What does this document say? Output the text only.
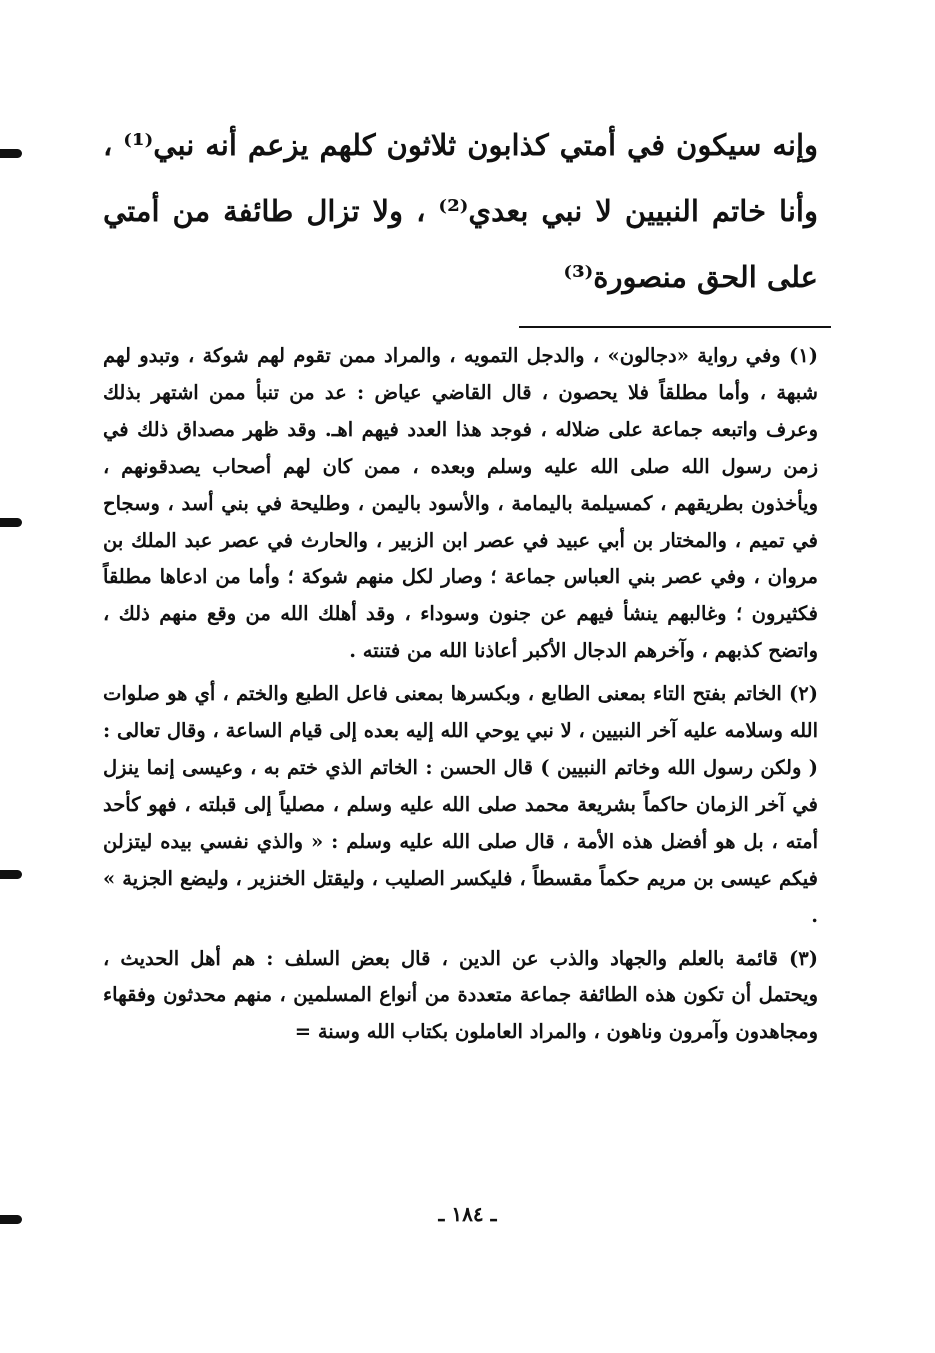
وإنه سيكون في أمتي كذابون ثلاثون كلهم يزعم أنه نبي⁽¹⁾ ، وأنا خاتم النبيين لا نبي بعدي⁽²⁾ ، ولا تزال طائفة من أمتي على الحق منصورة⁽³⁾

(١) وفي رواية «دجالون» ، والدجل التمويه ، والمراد ممن تقوم لهم شوكة ، وتبدو لهم شبهة ، وأما مطلقاً فلا يحصون ، قال القاضي عياض : عد من تنبأ ممن اشتهر بذلك وعرف واتبعه جماعة على ضلاله ، فوجد هذا العدد فيهم اهـ. وقد ظهر مصداق ذلك في زمن رسول الله صلى الله عليه وسلم وبعده ، ممن كان لهم أصحاب يصدقونهم ، ويأخذون بطريقهم ، كمسيلمة باليمامة ، والأسود باليمن ، وطليحة في بني أسد ، وسجاح في تميم ، والمختار بن أبي عبيد في عصر ابن الزبير ، والحارث في عصر عبد الملك بن مروان ، وفي عصر بني العباس جماعة ؛ وصار لكل منهم شوكة ؛ وأما من ادعاها مطلقاً فكثيرون ؛ وغالبهم ينشأ فيهم عن جنون وسوداء ، وقد أهلك الله من وقع منهم ذلك ، واتضح كذبهم ، وآخرهم الدجال الأكبر أعاذنا الله من فتنته .

(٢) الخاتم بفتح التاء بمعنى الطابع ، وبكسرها بمعنى فاعل الطبع والختم ، أي هو صلوات الله وسلامه عليه آخر النبيين ، لا نبي يوحي الله إليه بعده إلى قيام الساعة ، وقال تعالى : ( ولكن رسول الله وخاتم النبيين ) قال الحسن : الخاتم الذي ختم به ، وعيسى إنما ينزل في آخر الزمان حاكماً بشريعة محمد صلى الله عليه وسلم ، مصلياً إلى قبلته ، فهو كأحد أمته ، بل هو أفضل هذه الأمة ، قال صلى الله عليه وسلم : « والذي نفسي بيده ليتزلن فيكم عيسى بن مريم حكماً مقسطاً ، فليكسر الصليب ، وليقتل الخنزير ، وليضع الجزية » .

(٣) قائمة بالعلم والجهاد والذب عن الدين ، قال بعض السلف : هم أهل الحديث ، ويحتمل أن تكون هذه الطائفة جماعة متعددة من أنواع المسلمين ، منهم محدثون وفقهاء ومجاهدون وآمرون وناهون ، والمراد العاملون بكتاب الله وسنة =

ـ ١٨٤ ـ
